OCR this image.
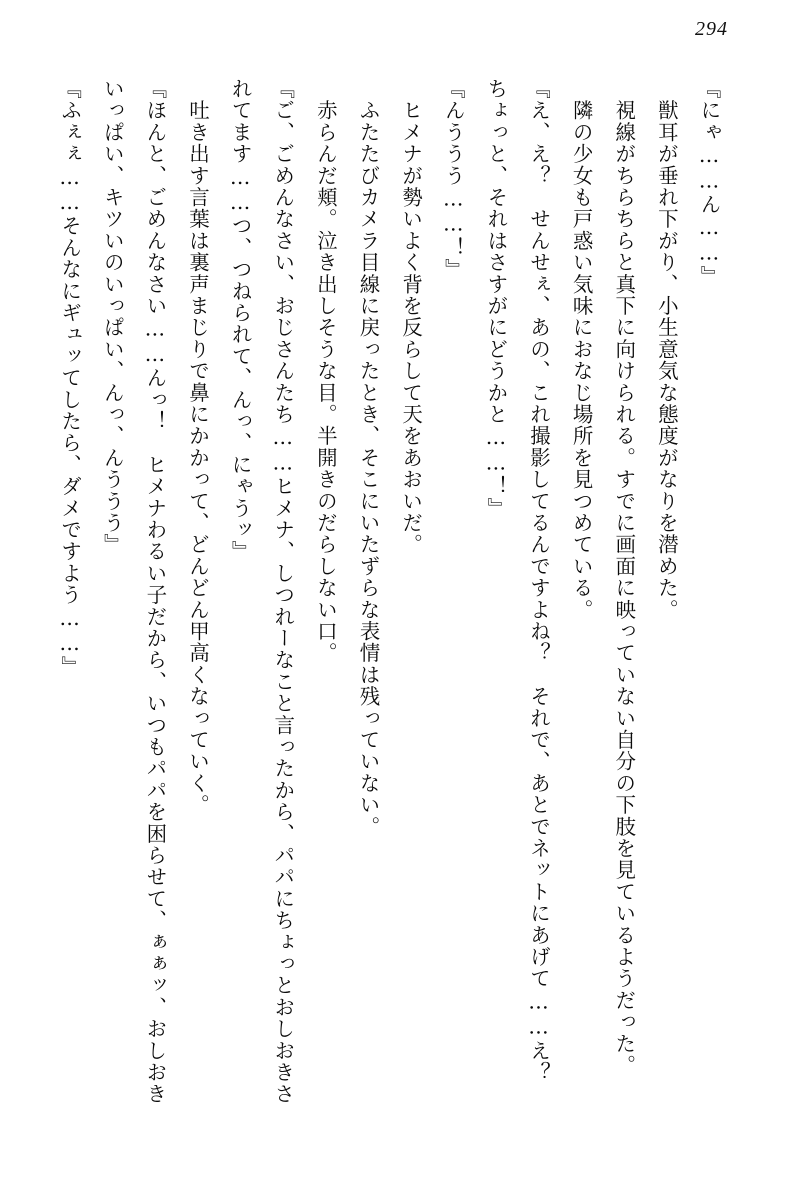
294

『にゃ……ん……』

　獣耳が垂れ下がり、小生意気な態度がなりを潜めた。

　視線がちらちらと真下に向けられる。すでに画面に映っていない自分の下肢を見ているようだった。

　隣の少女も戸惑い気味におなじ場所を見つめている。

『え、え？　せんせぇ、あの、これ撮影してるんですよね？　それで、あとでネットにあげて……え？　ちょっと、それはさすがにどうかと……！』

『んううう……！』

　ヒメナが勢いよく背を反らして天をあおいだ。

　ふたたびカメラ目線に戻ったとき、そこにいたずらな表情は残っていない。

　赤らんだ頬。泣き出しそうな目。半開きのだらしない口。

『ご、ごめんなさい、おじさんたち……ヒメナ、しつれーなこと言ったから、パパにちょっとおしおきされてます……つ、つねられて、んっ、にゃうッ』

　吐き出す言葉は裏声まじりで鼻にかかって、どんどん甲高くなっていく。

『ほんと、ごめんなさい……んっ！　ヒメナわるい子だから、いつもパパを困らせて、ぁぁッ、おしおきいっぱい、キツいのいっぱい、んっ、んううう』

『ふぇぇ……そんなにギュッてしたら、ダメですよう……』
